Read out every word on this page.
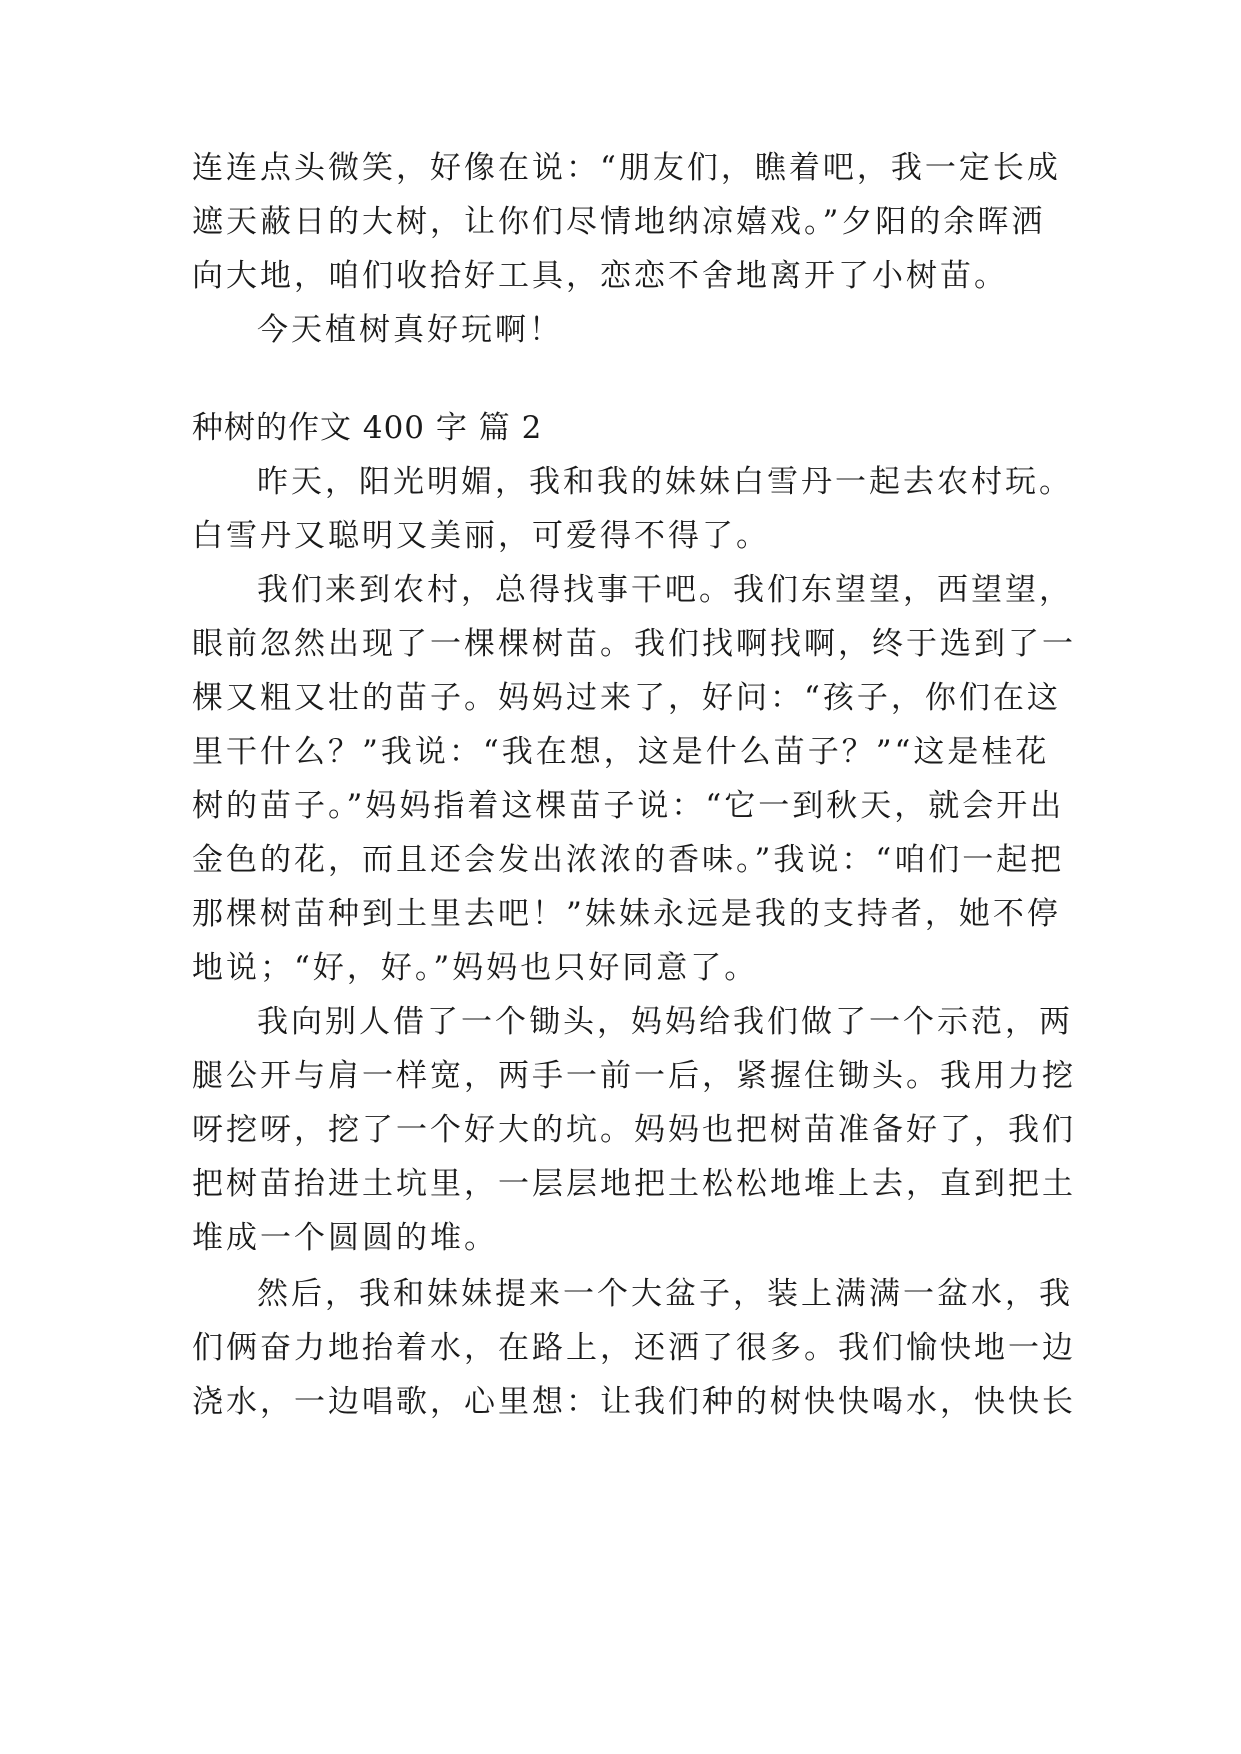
连连点头微笑，好像在说：“朋友们，瞧着吧，我一定长成

遮天蔽日的大树，让你们尽情地纳凉嬉戏。”夕阳的余晖洒

向大地，咱们收拾好工具，恋恋不舍地离开了小树苗。

今天植树真好玩啊！

种树的作文 400 字 篇 2

昨天，阳光明媚，我和我的妹妹白雪丹一起去农村玩。

白雪丹又聪明又美丽，可爱得不得了。

我们来到农村，总得找事干吧。我们东望望，西望望，

眼前忽然出现了一棵棵树苗。我们找啊找啊，终于选到了一

棵又粗又壮的苗子。妈妈过来了，好问：“孩子，你们在这

里干什么？”我说：“我在想，这是什么苗子？”“这是桂花

树的苗子。”妈妈指着这棵苗子说：“它一到秋天，就会开出

金色的花，而且还会发出浓浓的香味。”我说：“咱们一起把

那棵树苗种到土里去吧！”妹妹永远是我的支持者，她不停

地说；“好，好。”妈妈也只好同意了。

我向别人借了一个锄头，妈妈给我们做了一个示范，两

腿公开与肩一样宽，两手一前一后，紧握住锄头。我用力挖

呀挖呀，挖了一个好大的坑。妈妈也把树苗准备好了，我们

把树苗抬进土坑里，一层层地把土松松地堆上去，直到把土

堆成一个圆圆的堆。

然后，我和妹妹提来一个大盆子，装上满满一盆水，我

们俩奋力地抬着水，在路上，还洒了很多。我们愉快地一边

浇水，一边唱歌，心里想：让我们种的树快快喝水，快快长
